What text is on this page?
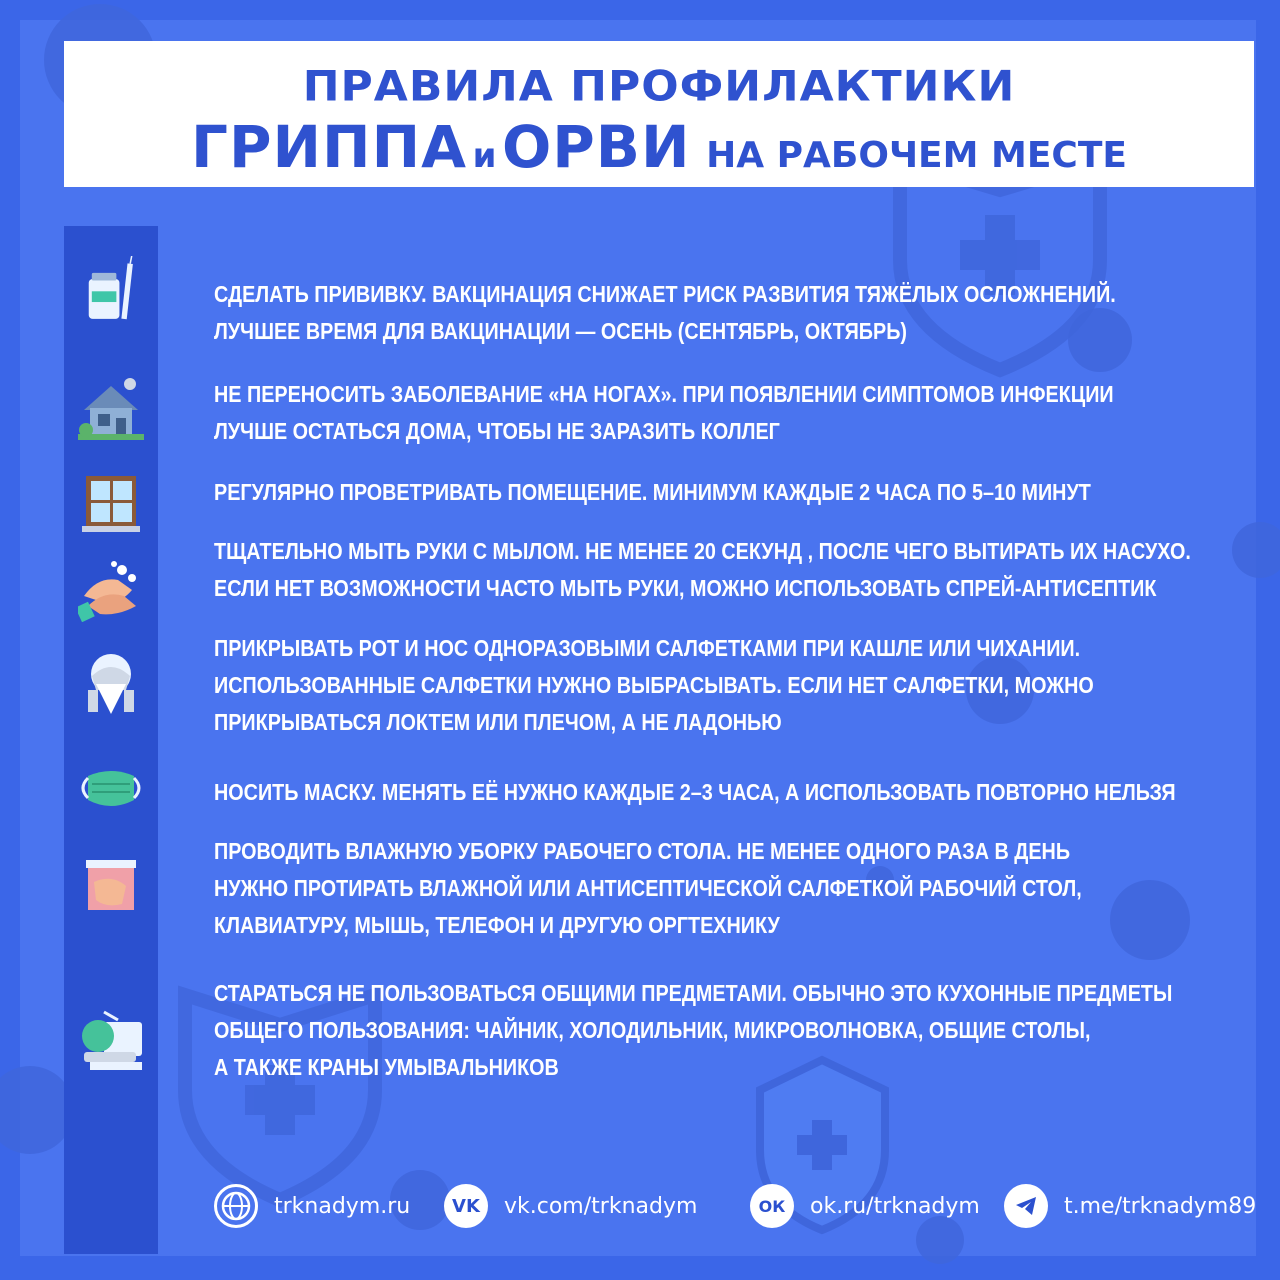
ПРАВИЛА ПРОФИЛАКТИКИ
ГРИППА и ОРВИ НА РАБОЧЕМ МЕСТЕ
СДЕЛАТЬ ПРИВИВКУ. ВАКЦИНАЦИЯ СНИЖАЕТ РИСК РАЗВИТИЯ ТЯЖЁЛЫХ ОСЛОЖНЕНИЙ.
ЛУЧШЕЕ ВРЕМЯ ДЛЯ ВАКЦИНАЦИИ — ОСЕНЬ (СЕНТЯБРЬ, ОКТЯБРЬ)
НЕ ПЕРЕНОСИТЬ ЗАБОЛЕВАНИЕ «НА НОГАХ». ПРИ ПОЯВЛЕНИИ СИМПТОМОВ ИНФЕКЦИИ
ЛУЧШЕ ОСТАТЬСЯ ДОМА, ЧТОБЫ НЕ ЗАРАЗИТЬ КОЛЛЕГ
РЕГУЛЯРНО ПРОВЕТРИВАТЬ ПОМЕЩЕНИЕ. МИНИМУМ КАЖДЫЕ 2 ЧАСА ПО 5–10 МИНУТ
ТЩАТЕЛЬНО МЫТЬ РУКИ С МЫЛОМ. НЕ МЕНЕЕ 20 СЕКУНД , ПОСЛЕ ЧЕГО ВЫТИРАТЬ ИХ НАСУХО.
ЕСЛИ НЕТ ВОЗМОЖНОСТИ ЧАСТО МЫТЬ РУКИ, МОЖНО ИСПОЛЬЗОВАТЬ СПРЕЙ-АНТИСЕПТИК
ПРИКРЫВАТЬ РОТ И НОС ОДНОРАЗОВЫМИ САЛФЕТКАМИ ПРИ КАШЛЕ ИЛИ ЧИХАНИИ.
ИСПОЛЬЗОВАННЫЕ САЛФЕТКИ НУЖНО ВЫБРАСЫВАТЬ. ЕСЛИ НЕТ САЛФЕТКИ, МОЖНО
ПРИКРЫВАТЬСЯ ЛОКТЕМ ИЛИ ПЛЕЧОМ, А НЕ ЛАДОНЬЮ
НОСИТЬ МАСКУ. МЕНЯТЬ ЕЁ НУЖНО КАЖДЫЕ 2–3 ЧАСА, А ИСПОЛЬЗОВАТЬ ПОВТОРНО НЕЛЬЗЯ
ПРОВОДИТЬ ВЛАЖНУЮ УБОРКУ РАБОЧЕГО СТОЛА. НЕ МЕНЕЕ ОДНОГО РАЗА В ДЕНЬ
НУЖНО ПРОТИРАТЬ ВЛАЖНОЙ ИЛИ АНТИСЕПТИЧЕСКОЙ САЛФЕТКОЙ РАБОЧИЙ СТОЛ,
КЛАВИАТУРУ, МЫШЬ, ТЕЛЕФОН И ДРУГУЮ ОРГТЕХНИКУ
СТАРАТЬСЯ НЕ ПОЛЬЗОВАТЬСЯ ОБЩИМИ ПРЕДМЕТАМИ. ОБЫЧНО ЭТО КУХОННЫЕ ПРЕДМЕТЫ
ОБЩЕГО ПОЛЬЗОВАНИЯ: ЧАЙНИК, ХОЛОДИЛЬНИК, МИКРОВОЛНОВКА, ОБЩИЕ СТОЛЫ,
А ТАКЖЕ КРАНЫ УМЫВАЛЬНИКОВ
trknadym.ru	VK	vk.com/trknadym	ОК	ok.ru/trknadym	t.me/trknadym89
